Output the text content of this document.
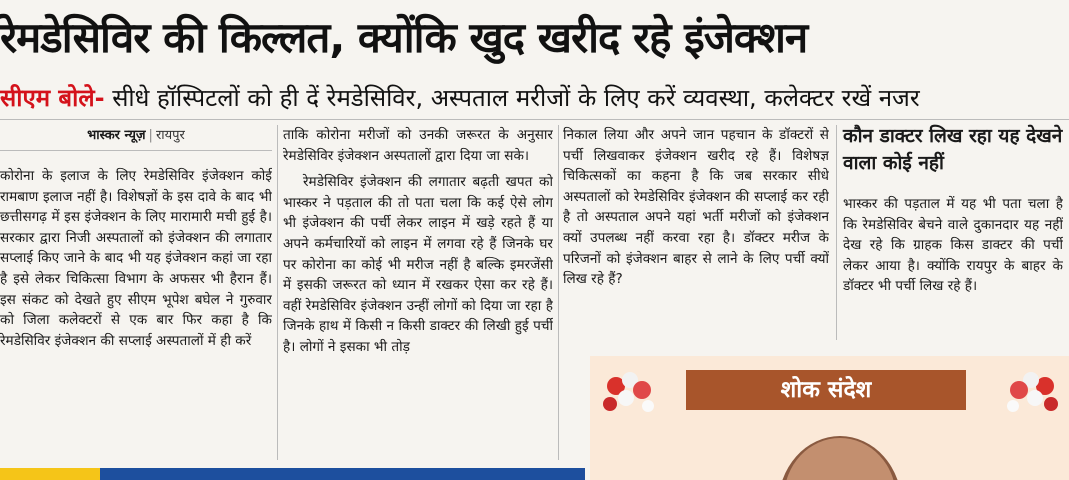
रेमडेसिविर की किल्लत, क्योंकि खुद खरीद रहे इंजेक्शन
सीएम बोले- सीधे हॉस्पिटलों को ही दें रेमडेसिविर, अस्पताल मरीजों के लिए करें व्यवस्था, कलेक्टर रखें नजर
भास्कर न्यूज़ | रायपुर

कोरोना के इलाज के लिए रेमडेसिविर इंजेक्शन कोई रामबाण इलाज नहीं है। विशेषज्ञों के इस दावे के बाद भी छत्तीसगढ़ में इस इंजेक्शन के लिए मारामारी मची हुई है। सरकार द्वारा निजी अस्पतालों को इंजेक्शन की लगातार सप्लाई किए जाने के बाद भी यह इंजेक्शन कहां जा रहा है इसे लेकर चिकित्सा विभाग के अफसर भी हैरान हैं। इस संकट को देखते हुए सीएम भूपेश बघेल ने गुरुवार को जिला कलेक्टरों से एक बार फिर कहा है कि रेमडेसिविर इंजेक्शन की सप्लाई अस्पतालों में ही करें

ताकि कोरोना मरीजों को उनकी जरूरत के अनुसार रेमडेसिविर इंजेक्शन अस्पतालों द्वारा दिया जा सके।

रेमडेसिविर इंजेक्शन की लगातार बढ़ती खपत को भास्कर ने पड़ताल की तो पता चला कि कई ऐसे लोग भी इंजेक्शन की पर्ची लेकर लाइन में खड़े रहते हैं या अपने कर्मचारियों को लाइन में लगवा रहे हैं जिनके घर पर कोरोना का कोई भी मरीज नहीं है बल्कि इमरजेंसी में इसकी जरूरत को ध्यान में रखकर ऐसा कर रहे हैं। वहीं रेमडेसिविर इंजेक्शन उन्हीं लोगों को दिया जा रहा है जिनके हाथ में किसी न किसी डाक्टर की लिखी हुई पर्ची है। लोगों ने इसका भी तोड़

निकाल लिया और अपने जान पहचान के डॉक्टरों से पर्ची लिखवाकर इंजेक्शन खरीद रहे हैं। विशेषज्ञ चिकित्सकों का कहना है कि जब सरकार सीधे अस्पतालों को रेमडेसिविर इंजेक्शन की सप्लाई कर रही है तो अस्पताल अपने यहां भर्ती मरीजों को इंजेक्शन क्यों उपलब्ध नहीं करवा रहा है। डॉक्टर मरीज के परिजनों को इंजेक्शन बाहर से लाने के लिए पर्ची क्यों लिख रहे हैं?

कौन डाक्टर लिख रहा यह देखने वाला कोई नहीं

भास्कर की पड़ताल में यह भी पता चला है कि रेमडेसिविर बेचने वाले दुकानदार यह नहीं देख रहे कि ग्राहक किस डाक्टर की पर्ची लेकर आया है। क्योंकि रायपुर के बाहर के डॉक्टर भी पर्ची लिख रहे हैं।

शोक संदेश
